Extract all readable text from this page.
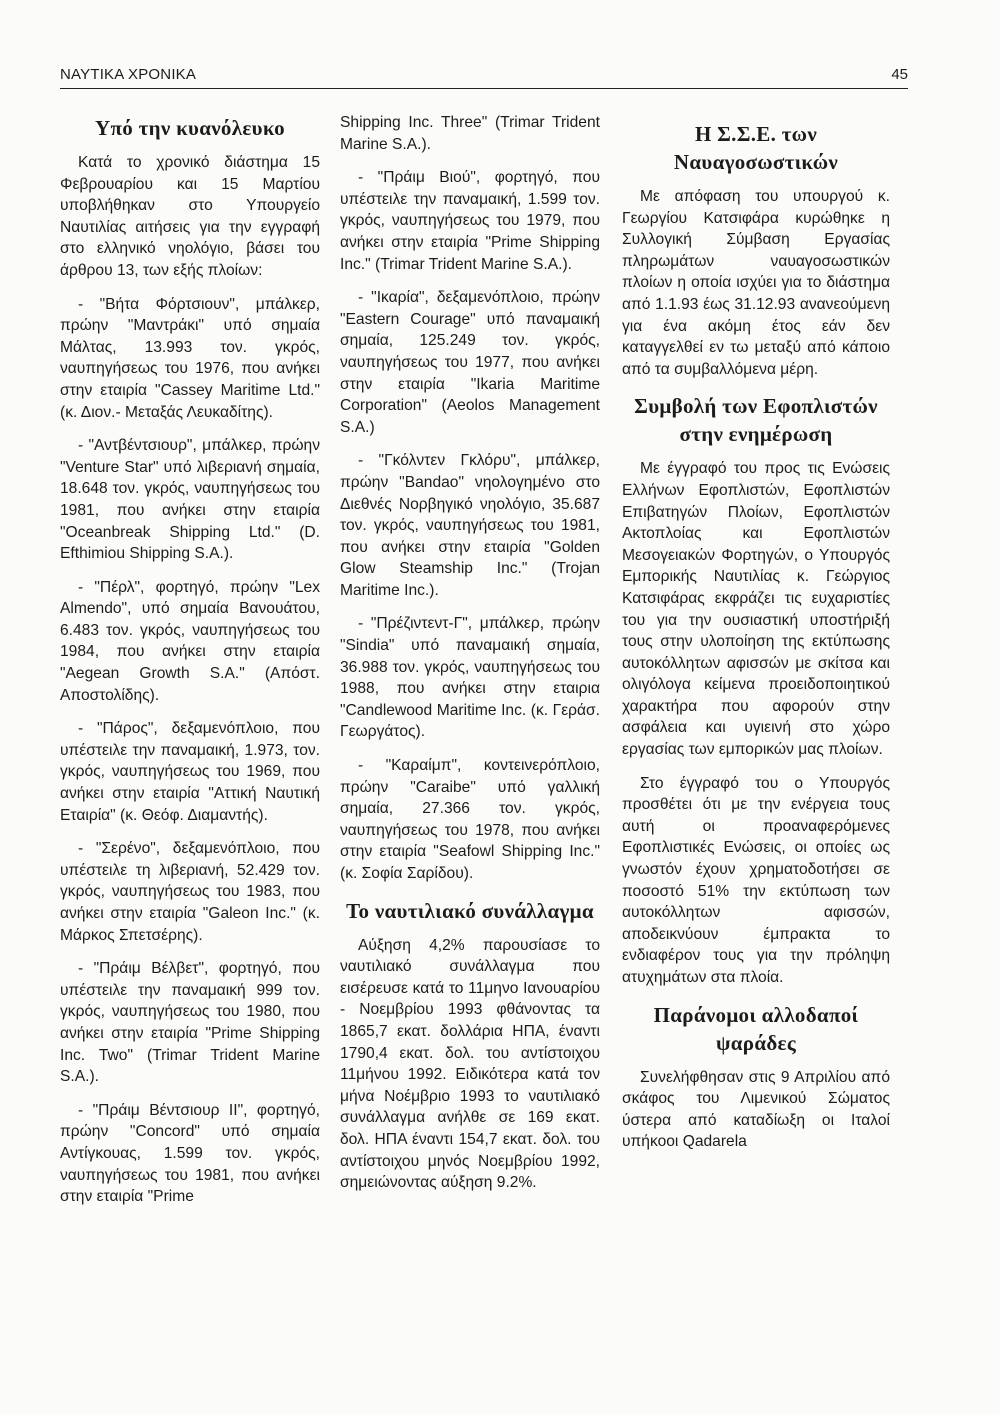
ΝΑΥΤΙΚΑ ΧΡΟΝΙΚΑ	45
Υπό την κυανόλευκο

Κατά το χρονικό διάστημα 15 Φεβρουαρίου και 15 Μαρτίου υποβλήθηκαν στο Υπουργείο Ναυτιλίας αιτήσεις για την εγγραφή στο ελληνικό νηολόγιο, βάσει του άρθρου 13, των εξής πλοίων:

- "Βήτα Φόρτσιουν", μπάλκερ, πρώην "Μαντράκι" υπό σημαία Μάλτας, 13.993 τον. γκρός, ναυπηγήσεως του 1976, που ανήκει στην εταιρία "Cassey Maritime Ltd." (κ. Διον.- Μεταξάς Λευκαδίτης).

- "Αντβέντσιουρ", μπάλκερ, πρώην "Venture Star" υπό λιβεριανή σημαία, 18.648 τον. γκρός, ναυπηγήσεως του 1981, που ανήκει στην εταιρία "Oceanbreak Shipping Ltd." (D. Efthimiou Shipping S.A.).

- "Πέρλ", φορτηγό, πρώην "Lex Almendo", υπό σημαία Βανουάτου, 6.483 τον. γκρός, ναυπηγήσεως του 1984, που ανήκει στην εταιρία "Aegean Growth S.A." (Απόστ. Αποστολίδης).

- "Πάρος", δεξαμενόπλοιο, που υπέστειλε την παναμαική, 1.973, τον. γκρός, ναυπηγήσεως του 1969, που ανήκει στην εταιρία "Αττική Ναυτική Εταιρία" (κ. Θεόφ. Διαμαντής).

- "Σερένο", δεξαμενόπλοιο, που υπέστειλε τη λιβεριανή, 52.429 τον. γκρός, ναυπηγήσεως του 1983, που ανήκει στην εταιρία "Galeon Inc." (κ. Μάρκος Σπετσέρης).

- "Πράιμ Βέλβετ", φορτηγό, που υπέστειλε την παναμαική 999 τον. γκρός, ναυπηγήσεως του 1980, που ανήκει στην εταιρία "Prime Shipping Inc. Two" (Trimar Trident Marine S.A.).

- "Πράιμ Βέντσιουρ ΙΙ", φορτηγό, πρώην "Concord" υπό σημαία Αντίγκουας, 1.599 τον. γκρός, ναυπηγήσεως του 1981, που ανήκει στην εταιρία "Prime

Shipping Inc. Three" (Trimar Trident Marine S.A.).

- "Πράιμ Βιού", φορτηγό, που υπέστειλε την παναμαική, 1.599 τον. γκρός, ναυπηγήσεως του 1979, που ανήκει στην εταιρία "Prime Shipping Inc." (Trimar Trident Marine S.A.).

- "Ικαρία", δεξαμενόπλοιο, πρώην "Eastern Courage" υπό παναμαική σημαία, 125.249 τον. γκρός, ναυπηγήσεως του 1977, που ανήκει στην εταιρία "Ikaria Maritime Corporation" (Aeolos Management S.A.)

- "Γκόλντεν Γκλόρυ", μπάλκερ, πρώην "Bandao" νηολογημένο στο Διεθνές Νορβηγικό νηολόγιο, 35.687 τον. γκρός, ναυπηγήσεως του 1981, που ανήκει στην εταιρία "Golden Glow Steamship Inc." (Trojan Maritime Inc.).

- "Πρέζιντεντ-Γ", μπάλκερ, πρώην "Sindia" υπό παναμαική σημαία, 36.988 τον. γκρός, ναυπηγήσεως του 1988, που ανήκει στην εταιρια "Candlewood Maritime Inc. (κ. Γεράσ. Γεωργάτος).

- "Καραίμπ", κοντεινερόπλοιο, πρώην "Caraibe" υπό γαλλική σημαία, 27.366 τον. γκρός, ναυπηγήσεως του 1978, που ανήκει στην εταιρία "Seafowl Shipping Inc." (κ. Σοφία Σαρίδου).

Το ναυτιλιακό συνάλλαγμα

Αύξηση 4,2% παρουσίασε το ναυτιλιακό συνάλλαγμα που εισέρευσε κατά το 11μηνο Ιανουαρίου - Νοεμβρίου 1993 φθάνοντας τα 1865,7 εκατ. δολλάρια ΗΠΑ, έναντι 1790,4 εκατ. δολ. του αντίστοιχου 11μήνου 1992. Ειδικότερα κατά τον μήνα Νοέμβριο 1993 το ναυτιλιακό συνάλλαγμα ανήλθε σε 169 εκατ. δολ. ΗΠΑ έναντι 154,7 εκατ. δολ. του αντίστοιχου μηνός Νοεμβρίου 1992, σημειώνοντας αύξηση 9.2%.

Η Σ.Σ.Ε. των Ναυαγοσωστικών

Με απόφαση του υπουργού κ. Γεωργίου Κατσιφάρα κυρώθηκε η Συλλογική Σύμβαση Εργασίας πληρωμάτων ναυαγοσωστικών πλοίων η οποία ισχύει για το διάστημα από 1.1.93 έως 31.12.93 ανανεούμενη για ένα ακόμη έτος εάν δεν καταγγελθεί εν τω μεταξύ από κάποιο από τα συμβαλλόμενα μέρη.

Συμβολή των Εφοπλιστών στην ενημέρωση

Με έγγραφό του προς τις Ενώσεις Ελλήνων Εφοπλιστών, Εφοπλιστών Επιβατηγών Πλοίων, Εφοπλιστών Ακτοπλοίας και Εφοπλιστών Μεσογειακών Φορτηγών, ο Υπουργός Εμπορικής Ναυτιλίας κ. Γεώργιος Κατσιφάρας εκφράζει τις ευχαριστίες του για την ουσιαστική υποστήριξή τους στην υλοποίηση της εκτύπωσης αυτοκόλλητων αφισσών με σκίτσα και ολιγόλογα κείμενα προειδοποιητικού χαρακτήρα που αφορούν στην ασφάλεια και υγιεινή στο χώρο εργασίας των εμπορικών μας πλοίων.

Στο έγγραφό του ο Υπουργός προσθέτει ότι με την ενέργεια τους αυτή οι προαναφερόμενες Εφοπλιστικές Ενώσεις, οι οποίες ως γνωστόν έχουν χρηματοδοτήσει σε ποσοστό 51% την εκτύπωση των αυτοκόλλητων αφισσών, αποδεικνύουν έμπρακτα το ενδιαφέρον τους για την πρόληψη ατυχημάτων στα πλοία.

Παράνομοι αλλοδαποί ψαράδες

Συνελήφθησαν στις 9 Απριλίου από σκάφος του Λιμενικού Σώματος ύστερα από καταδίωξη οι Ιταλοί υπήκοοι Qadarela
